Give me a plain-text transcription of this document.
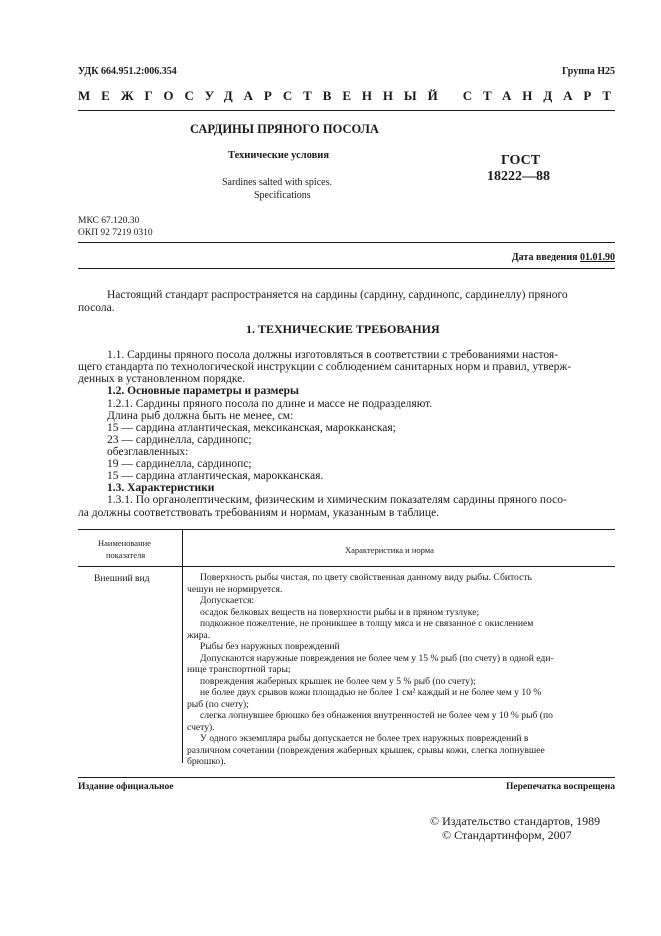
УДК 664.951.2:006.354	Группа Н25
МЕЖГОСУДАРСТВЕННЫЙ СТАНДАРТ
САРДИНЫ ПРЯНОГО ПОСОЛА
Технические условия
Sardines salted with spices.
Specifications
ГОСТ
18222—88
МКС 67.120.30
ОКП 92 7219 0310
Дата введения 01.01.90
Настоящий стандарт распространяется на сардины (сардину, сардинопс, сардинеллу) пряного
посола.
1. ТЕХНИЧЕСКИЕ ТРЕБОВАНИЯ
1.1. Сардины пряного посола должны изготовляться в соответствии с требованиями настоя-
щего стандарта по технологической инструкции с соблюдением санитарных норм и правил, утверж-
денных в установленном порядке.
1.2. Основные параметры и размеры
1.2.1. Сардины пряного посола по длине и массе не подразделяют.
Длина рыб должна быть не менее, см:
15 — сардина атлантическая, мексиканская, марокканская;
23 — сардинелла, сардинопс;
обезглавленных:
19 — сардинелла, сардинопс;
15 — сардина атлантическая, марокканская.
1.3. Характеристики
1.3.1. По органолептическим, физическим и химическим показателям сардины пряного посо-
ла должны соответствовать требованиям и нормам, указанным в таблице.
Наименование
показателя	Характеристика и норма
Внешний вид	Поверхность рыбы чистая, по цвету свойственная данному виду рыбы. Сбитость
чешуи не нормируется.
Допускается:
осадок белковых веществ на поверхности рыбы и в пряном тузлуке;
подкожное пожелтение, не проникшее в толщу мяса и не связанное с окислением
жира.
Рыбы без наружных повреждений
Допускаются наружные повреждения не более чем у 15 % рыб (по счету) в одной еди-
нице транспортной тары;
повреждения жаберных крышек не более чем у 5 % рыб (по счету);
не более двух срывов кожи площадью не более 1 см² каждый и не более чем у 10 %
рыб (по счету);
слегка лопнувшее брюшко без обнажения внутренностей не более чем у 10 % рыб (по
счету).
У одного экземпляра рыбы допускается не более трех наружных повреждений в
различном сочетании (повреждения жаберных крышек, срывы кожи, слегка лопнувшее
брюшко).
Издание официальное	Перепечатка воспрещена
© Издательство стандартов, 1989
© Стандартинформ, 2007
